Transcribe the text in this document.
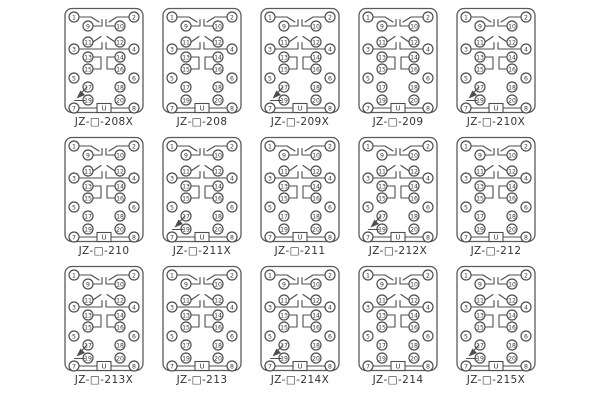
U
1	2
9	10
11	12
3	4
13	14
15	16
5	6
17	18
19	20
7	8
JZ-□-208X
U
1	2
9	10
11	12
3	4
13	14
15	16
5	6
17	18
19	20
7	8
JZ-□-208
U
1	2
9	10
11	12
3	4
13	14
15	16
5	6
17	18
19	20
7	8
JZ-□-209X
U
1	2
9	10
11	12
3	4
13	14
15	16
5	6
17	18
19	20
7	8
JZ-□-209
U
1	2
9	10
11	12
3	4
13	14
15	16
5	6
17	18
19	20
7	8
JZ-□-210X
U
1	2
9	10
11	12
3	4
13	14
15	16
5	6
17	18
19	20
7	8
JZ-□-210
U
1	2
9	10
11	12
3	4
13	14
15	16
5	6
17	18
19	20
7	8
JZ-□-211X
U
1	2
9	10
11	12
3	4
13	14
15	16
5	6
17	18
19	20
7	8
JZ-□-211
U
1	2
9	10
11	12
3	4
13	14
15	16
5	6
17	18
19	20
7	8
JZ-□-212X
U
1	2
9	10
11	12
3	4
13	14
15	16
5	6
17	18
19	20
7	8
JZ-□-212
U
1	2
9	10
11	12
3	4
13	14
15	16
5	6
17	18
19	20
7	8
JZ-□-213X
U
1	2
9	10
11	12
3	4
13	14
15	16
5	6
17	18
19	20
7	8
JZ-□-213
U
1	2
9	10
11	12
3	4
13	14
15	16
5	6
17	18
19	20
7	8
JZ-□-214X
U
1	2
9	10
11	12
3	4
13	14
15	16
5	6
17	18
19	20
7	8
JZ-□-214
U
1	2
9	10
11	12
3	4
13	14
15	16
5	6
17	18
19	20
7	8
JZ-□-215X
